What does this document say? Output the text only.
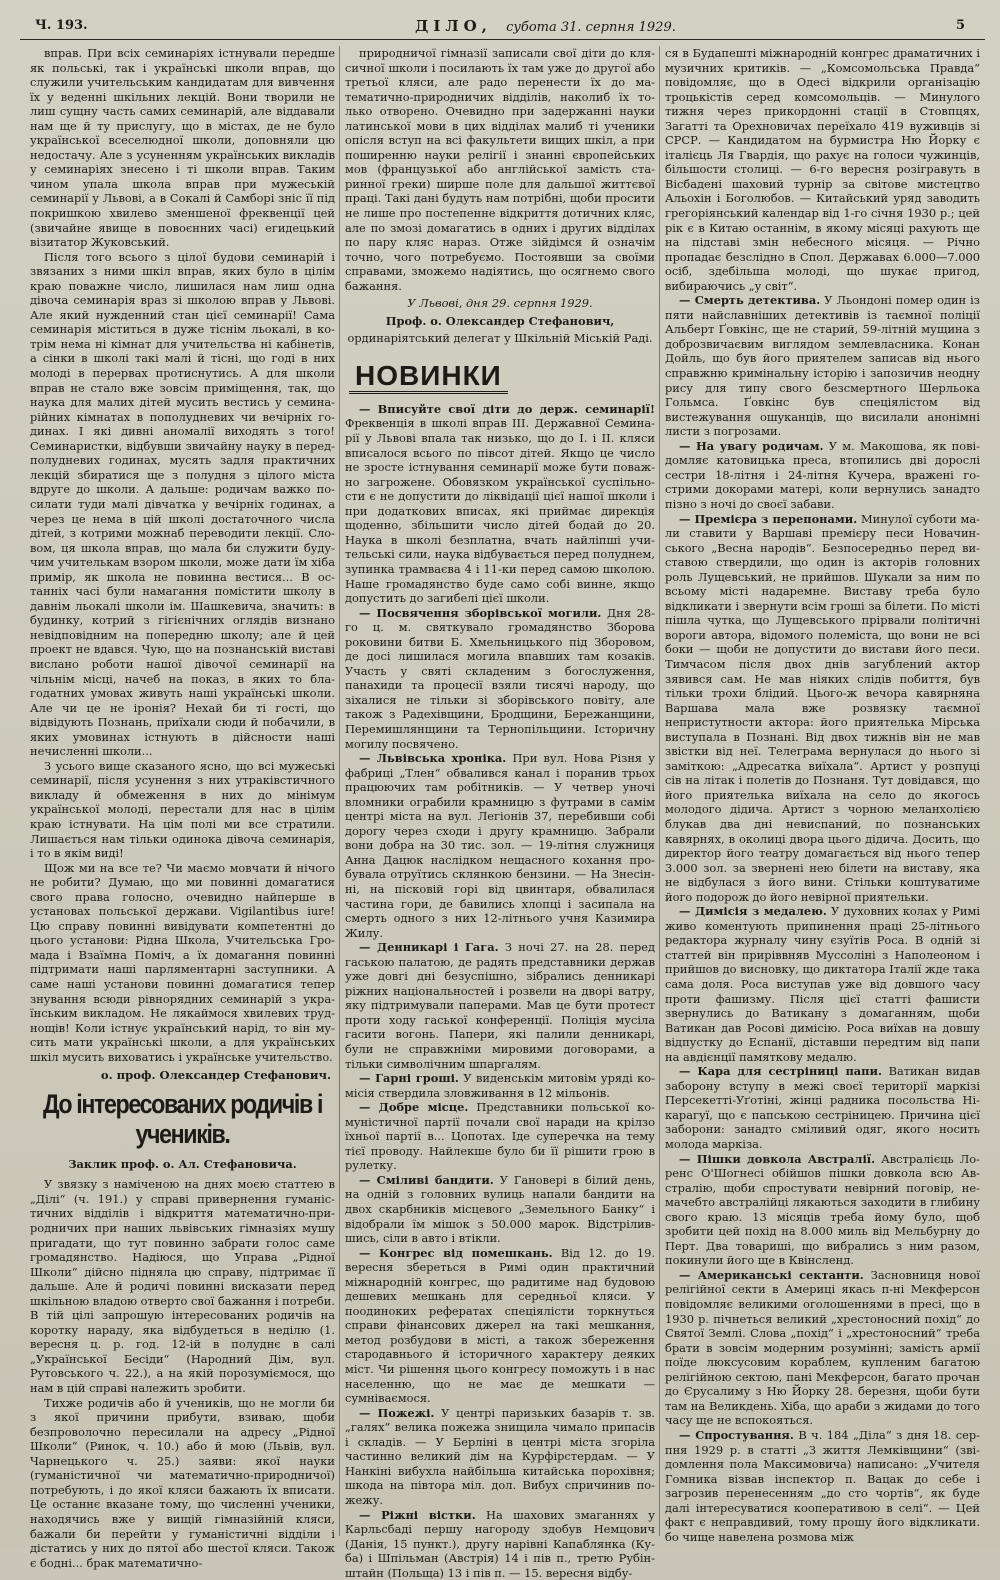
Ч. 193.	ДІЛО, субота 31. серпня 1929.	5

вправ. При всіх семинаріях істнували передше як польські, так і українські школи вправ, що служили учительським кандидатам для вивчення їх у веденні шкільних лекцій. Вони творили не лиш сущну часть самих семинарій, але віддавали нам ще й ту прислугу, що в містах, де не було української всеселюдної школи, доповняли цю недостачу. Але з усуненням українських викладів у семинаріях знесено і ті школи вправ. Таким чином упала школа вправ при мужеській семинарії у Львові, а в Сокалі й Самборі зніс її під покришкою хвилево зменшеної фреквенції цей (звичайне явище в повоєнних часі) егидецький візитатор Жуковський.

Після того всього з цілої будови семинарій і звязаних з ними шкіл вправ, яких було в цілім краю поважне число, лишилася нам лиш одна дівоча семинарія враз зі школою вправ у Львові. Але який нужденний стан цієї семинарії! Сама семинарія міститься в дуже тіснім льокалі, в котрім нема ні кімнат для учительства ні кабінетів, а сінки в школі такі малі й тісні, що годі в них молоді в перервах протиснутись. А для школи вправ не стало вже зовсім приміщення, так, що наука для малих дітей мусить вестись у семинарійних кімнатах в пополудневих чи вечірніх годинах. І які дивні аномалії виходять з того! Семинаристки, відбувши звичайну науку в передполудневих годинах, мусять задля практичних лекцій збиратися ще з полудня з цілого міста вдруге до школи. А дальше: родичам важко посилати туди малі дівчатка у вечірніх годинах, а через це нема в цій школі достаточного числа дітей, з котрими можнаб переводити лекції. Словом, ця школа вправ, що мала би служити будучим учителькам взором школи, може дати їм хіба примір, як школа не повинна вестися... В останніх часі були намагання помістити школу в давнім льокалі школи ім. Шашкевича, значить: в будинку, котрий з гігієнічних оглядів визнано невідповідним на попередню школу; але й цей проект не вдався. Чую, що на познанській виставі вислано роботи нашої дівочої семинарії на чільнім місці, начеб на показ, в яких то благодатних умовах живуть наші українські школи. Але чи це не іронія? Нехай би ті гості, що відвідують Познань, приїхали сюди й побачили, в яких умовинах істнують в дійсности наші нечисленні школи...

З усього вище сказаного ясно, що всі мужеські семинарії, після усунення з них утраківстичного викладу й обмеження в них до мінімум української молоді, перестали для нас в цілім краю істнувати. На цім полі ми все стратили. Лишається нам тільки одинока дівоча семинарія, і то в якім виді!

Щож ми на все те? Чи маємо мовчати й нічого не робити? Думаю, що ми повинні домагатися свого права голосно, очевидно найперше в установах польської держави. Vigilantibus iure! Цю справу повинні вивідувати компетентні до цього установи: Рідна Школа, Учительська Громада і Взаїмна Поміч, а їх домагання повинні підтримати наші парляментарні заступники. А саме наші установи повинні домагатися тепер знування всюди рівнорядних семинарій з українським викладом. Не лякаймося хвилевих труднощів! Коли істнує український нарід, то він мусить мати українські школи, а для українських шкіл мусить виховатись і українське учительство.

о. проф. Олександер Стефанович.

До інтересованих родичів і учеників.

Заклик проф. о. Ал. Стефановича.

У звязку з наміченою на днях моєю статтею в „Ділі“ (ч. 191.) у справі привернення гуманістичних відділів і відкриття математично-природничих при наших львівських гімназіях мушу пригадати, що тут повинно забрати голос саме громадянство. Надіюся, що Управа „Рідної Школи“ дійсно підняла цю справу, підтримає її дальше. Але й родичі повинні висказати перед шкільною владою отверто свої бажання і потреби. В тій цілі запрошую інтересованих родичів на коротку нараду, яка відбудеться в неділю (1. вересня ц. р. год. 12-ій в полуднє в салі „Української Бесіди“ (Народний Дім, вул. Рутовського ч. 22.), а на якій порозуміємося, що нам в цій справі належить зробити.

Тихже родичів або й учеників, що не могли би з якої причини прибути, взиваю, щоби безпроволочно пересилали на адресу „Рідної Школи“ (Ринок, ч. 10.) або й мою (Львів, вул. Чарнецького ч. 25.) заяви: якої науки (гуманістичної чи математично-природничої) потребують, і до якої кляси бажають їх вписати. Це останнє вказане тому, що численні ученики, находячись вже у вищій гімназійній кляси, бажали би перейти у гуманістичні відділи і дістатись у них до пятої або шестої кляси. Також є бодні... брак математично-

природничої гімназії записали свої діти до клясичної школи і посилають їх там уже до другої або третьої кляси, але радо перенести їх до математично-природничих відділів, наколиб їх только отворено. Очевидно при задержанні науки латинської мови в цих відділах малиб ті ученики опісля вступ на всі факультети вищих шкіл, а при поширенню науки релігії і знанні європейських мов (французької або англійської замість старинної греки) ширше поле для дальшої життєвої праці. Такі дані будуть нам потрібні, щоби просити не лише про постепенне відкриття дотичних кляс, але по змозі домагатись в одних і других відділах по пару кляс нараз. Отже зійдімся й означім точно, чого потребуємо. Постоявши за своїми справами, зможемо надіятись, що осягнемо свого бажання.

У Львові, дня 29. серпня 1929.

Проф. о. Олександер Стефанович,

ординаріятський делегат у Шкільній Міській Раді.

НОВИНКИ

— Вписуйте свої діти до держ. семинарії! Фреквенція в школі вправ III. Державної Семинарії у Львові впала так низько, що до I. і II. кляси вписалося всього по півсот дітей. Якщо це число не зросте істнування семинарії може бути поважно загрожене. Обовязком української суспільности є не допустити до ліквідації цієї нашої школи і при додаткових вписах, які приймає дирекція щоденно, збільшити число дітей бодай до 20. Наука в школі безплатна, вчать найліпші учительські сили, наука відбувається перед полуднем, зупинка трамваєва 4 і 11-ки перед самою школою. Наше громадянство буде само собі винне, якщо допустить до загибелі цієї школи.

— Посвячення зборівської могили. Дня 28-го ц. м. святкувало громадянство Зборова роковини битви Б. Хмельницького під Зборовом, де досі лишилася могила впавших там козаків. Участь у святі складеним з богослуження, панахиди та процесії взяли тисячі народу, що зіхалися не тільки зі зборівського повіту, але також з Радехівщини, Бродщини, Бережанщини, Перемишлянщини та Тернопільщини. Історичну могилу посвячено.

— Львівська хроніка. При вул. Нова Різня у фабриці „Тлен“ обвалився канал і поранив трьох працюючих там робітників. — У четвер уночі вломники ограбили крамницю з футрами в самім центрі міста на вул. Легіонів 37, перебивши собі дорогу через сходи і другу крамницю. Забрали вони добра на 30 тис. зол. — 19-літня служниця Анна Дацюк наслідком нещасного кохання пробувала отруїтись склянкою бензини. — На Знесінні, на пісковій горі від цвинтаря, обвалилася частина гори, де бавились хлопці і засипала на смерть одного з них 12-літнього учня Казимира Жилу.

— Денникарі і Гага. З ночі 27. на 28. перед гаською палатою, де радять представники держав уже довгі дні безуспішно, зібрались денникарі ріжних національностей і розвели на дворі ватру, яку підтримували паперами. Мав це бути протест проти ходу гаської конференції. Поліція мусіла гасити вогонь. Папери, які палили денникарі, були не справжніми мировими договорами, а тільки символічним шпаргалям.

— Гарні гроші. У виденськім митовім уряді комісія ствердила зловживання в 12 мільонів.

— Добре місце. Представники польської комуністичної партії почали свої наради на крілзо їхньої партії в... Цопотах. Іде суперечка на тему тієї проводу. Найлекше було би її рішити грою в рулетку.

— Сміливі бандити. У Гановері в білий день, на одній з головних вулиць напали бандити на двох скарбників місцевого „Земельного Банку“ і відобрали їм мішок з 50.000 марок. Відстрілившись, сіли в авто і втікли.

— Конгрес від помешкань. Від 12. до 19. вересня збереться в Римі один практичний міжнародній конгрес, що радитиме над будовою дешевих мешкань для середньої кляси. У поодиноких рефератах спеціялісти торкнуться справи фінансових джерел на такі мешкання, метод розбудови в місті, а також збереження стародавнього й історичного характеру деяких міст. Чи рішення цього конгресу поможуть і в нас населенню, що не має де мешкати — сумніваємося.

— Пожежі. У центрі паризьких базарів т. зв. „галях“ велика пожежа знищила чимало припасів і складів. — У Берліні в центрі міста згоріла частинно великий дім на Курфірстердам. — У Нанкіні вибухла найбільша китайська порохівня; шкода на півтора міл. дол. Вибух спричинив пожежу.

— Ріжні вістки. На шахових змаганнях у Карльсбаді першу нагороду здобув Немцович (Данія, 15 пункт.), другу нарівні Капаблянка (Куба) і Шпільман (Австрія) 14 і пів п., третю Рубінштайн (Польща) 13 і пів п. — 15. вересня відбу-

ся в Будапешті міжнародній конгрес драматичних і музичних критиків. — „Комсомольська Правда“ повідомляє, що в Одесі відкрили організацію троцькістів серед комсомольців. — Минулого тижня через прикордонні стації в Стовпцях, Загатті та Орехновичах переїхало 419 вуживців зі СРСР. — Кандидатом на бурмистра Ню Йорку є італієць Ля Гвардія, що рахує на голоси чужинців, більшости столиці. — 6-го вересня розігравуть в Вісбадені шаховий турнір за світове мистецтво Альохін і Боголюбов. — Китайський уряд заводить грегоріянський календар від 1-го січня 1930 р.; цей рік є в Китаю останнім, в якому місяці рахують ще на підставі змін небесного місяця. — Річно пропадає безслідно в Спол. Державах 6.000—7.000 осіб, здебільша молоді, що шукає пригод, вибираючись „у світ“.

— Смерть детектива. У Льондоні помер один із пяти найславніших детективів із таємної поліції Альберт Ґовкінс, ще не старий, 59-літній мущина з доброзвичаєвим виглядом землевласника. Конан Дойль, що був його приятелем записав від нього справжню кримінальну історію і запозичив неодну рису для типу свого безсмертного Шерльока Гольмса. Ґовкінс був спеціялістом від вистежування ошуканців, що висилали анонімні листи з погрозами.

— На увагу родичам. У м. Макошова, як повідомляє катовицька преса, втопились дві дорослі сестри 18-літня і 24-літня Кучера, вражені гострими докорами матері, коли вернулись занадто пізно з ночі до своєї забави.

— Премієра з перепонами. Минулої суботи мали ставити у Варшаві премієру песи Новачинського „Весна народів“. Безпосередньо перед виставою ствердили, що один із акторів головних роль Лущевський, не прийшов. Шукали за ним по всьому місті надаремне. Виставу треба було відкликати і звернути всім гроші за білети. По місті пішла чутка, що Лущевського прірвали політичні вороги автора, відомого полеміста, що вони не всі боки — щоби не допустити до вистави його песи. Тимчасом після двох днів загублений актор зявився сам. Не мав ніяких слідів побиття, був тільки трохи блідий. Цього-ж вечора кавярняна Варшава мала вже розвязку таємної непристутности актора: його приятелька Мірська виступала в Познані. Від двох тижнів він не мав звістки від неї. Телеграма вернулася до нього зі заміткою: „Адресатка виїхала“. Артист у розпуці сів на літак і полетів до Познаня. Тут довідався, що його приятелька виїхала на село до якогось молодого дідича. Артист з чорною меланхолією блукав два дні невиспаний, по познанських кавярнях, в околиці двора цього дідича. Досить, що директор його театру домагається від нього тепер 3.000 зол. за звернені нею білети на виставу, яка не відбулася з його вини. Стільки коштуватиме його подорож до його невірної приятельки.

— Димісія з медалею. У духовних колах у Римі живо коментують припинення праці 25-літнього редактора журналу чину єзуїтів Роса. В одній зі статтей він приріввняв Муссоліні з Наполеоном і прийшов до висновку, що диктатора Італії жде така сама доля. Роса виступав уже від довшого часу проти фашизму. Після цієї статті фашисти звернулись до Ватикану з домаганням, щоби Ватикан дав Росові димісію. Роса виїхав на довшу відпустку до Еспанії, діставши передтим від папи на авдієнції памяткову медалю.

— Кара для сестріниці папи. Ватикан видав заборону вступу в межі своєї території маркізі Персекетті-Уґотіні, жінці радника посольства Нікарагуї, що є папською сестріницею. Причина цієї заборони: занадто сміливий одяг, якого носить молода маркіза.

— Пішки довкола Австралії. Австралієць Лоренс О'Шогнесі обійшов пішки довкола всю Австралію, щоби спростувати невірний поговір, немачебто австралійці лякаються заходити в глибину свого краю. 13 місяців треба йому було, щоб зробити цей похід на 8.000 миль від Мельбурну до Перт. Два товариші, що вибрались з ним разом, покинули його ще в Квінсленд.

— Американські сектанти. Засновниця нової релігійної секти в Америці якась п-ні Мекферсон повідомляє великими оголошеннями в пресі, що в 1930 р. пічнеться великий „хрестоносний похід“ до Святої Землі. Слова „похід“ і „хрестоносний“ треба брати в зовсім модерним розумінні; замість армії поїде люксусовим кораблем, купленим багатою релігійною сектою, пані Мекферсон, багато прочан до Єрусалиму з Ню Йорку 28. березня, щоби бути там на Великдень. Хіба, що араби з жидами до того часу ще не вспокояться.

— Спростування. В ч. 184 „Діла“ з дня 18. серпня 1929 р. в статті „З життя Лемківщини“ (звідомлення пола Максимовича) написано: „Учителя Гомника візвав інспектор п. Вацак до себе і загрозив перенесенням „до сто чортів“, як буде далі інтересуватися кооперативою в селі“. — Цей факт є неправдивий, тому прошу його відкликати. бо чище навелена розмова між
